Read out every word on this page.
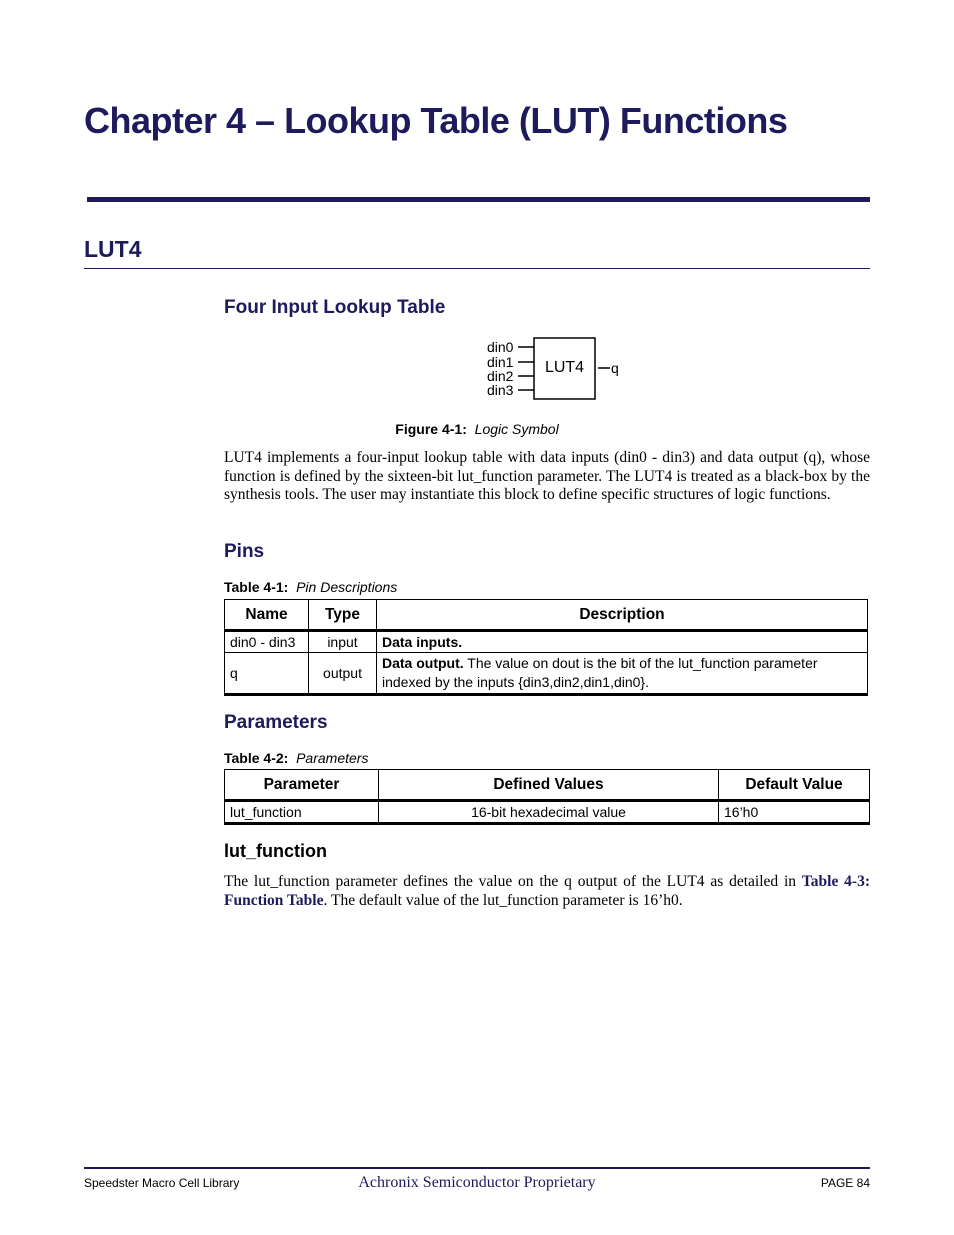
Chapter 4 – Lookup Table (LUT) Functions
LUT4
Four Input Lookup Table
din0
din1
din2
din3
LUT4 q
Figure 4-1: Logic Symbol
LUT4 implements a four-input lookup table with data inputs (din0 - din3) and data output (q), whose function is defined by the sixteen-bit lut_function parameter. The LUT4 is treated as a black-box by the synthesis tools. The user may instantiate this block to define specific structures of logic functions.
Pins
Table 4-1: Pin Descriptions
Name	Type	Description
din0 - din3	input	Data inputs.
q	output	Data output. The value on dout is the bit of the lut_function parameter indexed by the inputs {din3,din2,din1,din0}.
Parameters
Table 4-2: Parameters
Parameter	Defined Values	Default Value
lut_function	16-bit hexadecimal value	16’h0
lut_function
The lut_function parameter defines the value on the q output of the LUT4 as detailed in Table 4-3: Function Table. The default value of the lut_function parameter is 16’h0.
Speedster Macro Cell Library	Achronix Semiconductor Proprietary	PAGE 84
